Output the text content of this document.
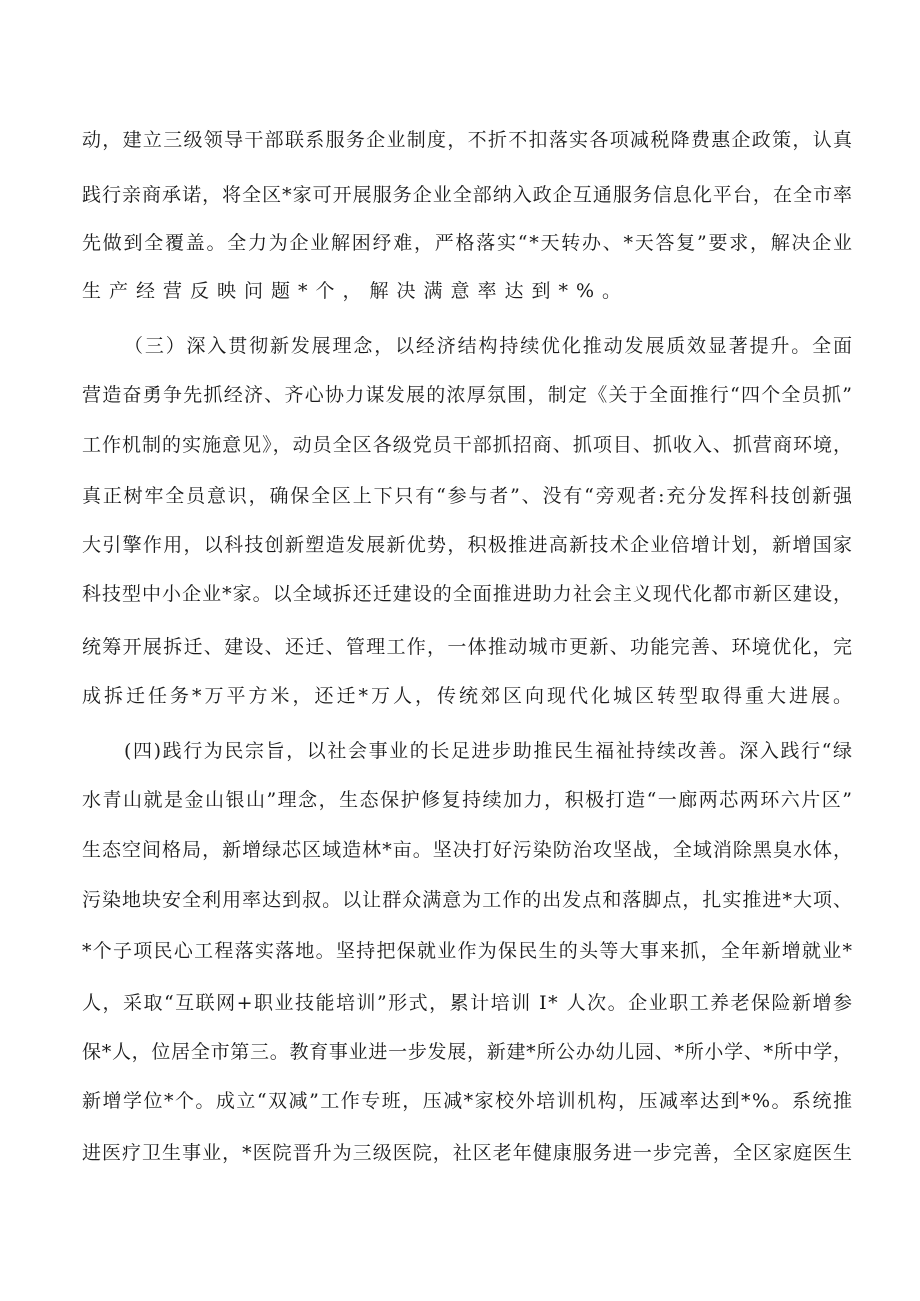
动，建立三级领导干部联系服务企业制度，不折不扣落实各项减税降费惠企政策，认真
践行亲商承诺，将全区*家可开展服务企业全部纳入政企互通服务信息化平台，在全市率
先做到全覆盖。全力为企业解困纾难，严格落实“*天转办、*天答复”要求，解决企业
生产经营反映问题*个，解决满意率达到*%。
（三）深入贯彻新发展理念，以经济结构持续优化推动发展质效显著提升。全面
营造奋勇争先抓经济、齐心协力谋发展的浓厚氛围，制定《关于全面推行“四个全员抓”
工作机制的实施意见》，动员全区各级党员干部抓招商、抓项目、抓收入、抓营商环境，
真正树牢全员意识，确保全区上下只有“参与者”、没有“旁观者:充分发挥科技创新强
大引擎作用，以科技创新塑造发展新优势，积极推进高新技术企业倍增计划，新增国家
科技型中小企业*家。以全域拆还迁建设的全面推进助力社会主义现代化都市新区建设，
统筹开展拆迁、建设、还迁、管理工作，一体推动城市更新、功能完善、环境优化，完
成拆迁任务*万平方米，还迁*万人，传统郊区向现代化城区转型取得重大进展。
(四)践行为民宗旨，以社会事业的长足进步助推民生福祉持续改善。深入践行“绿
水青山就是金山银山”理念，生态保护修复持续加力，积极打造“一廊两芯两环六片区”
生态空间格局，新增绿芯区域造林*亩。坚决打好污染防治攻坚战，全域消除黑臭水体，
污染地块安全利用率达到叔。以让群众满意为工作的出发点和落脚点，扎实推进*大项、
*个子项民心工程落实落地。坚持把保就业作为保民生的头等大事来抓，全年新增就业*
人，采取“互联网+职业技能培训”形式，累计培训 I* 人次。企业职工养老保险新增参
保*人，位居全市第三。教育事业进一步发展，新建*所公办幼儿园、*所小学、*所中学，
新增学位*个。成立“双减”工作专班，压减*家校外培训机构，压减率达到*%。系统推
进医疗卫生事业，*医院晋升为三级医院，社区老年健康服务进一步完善，全区家庭医生
